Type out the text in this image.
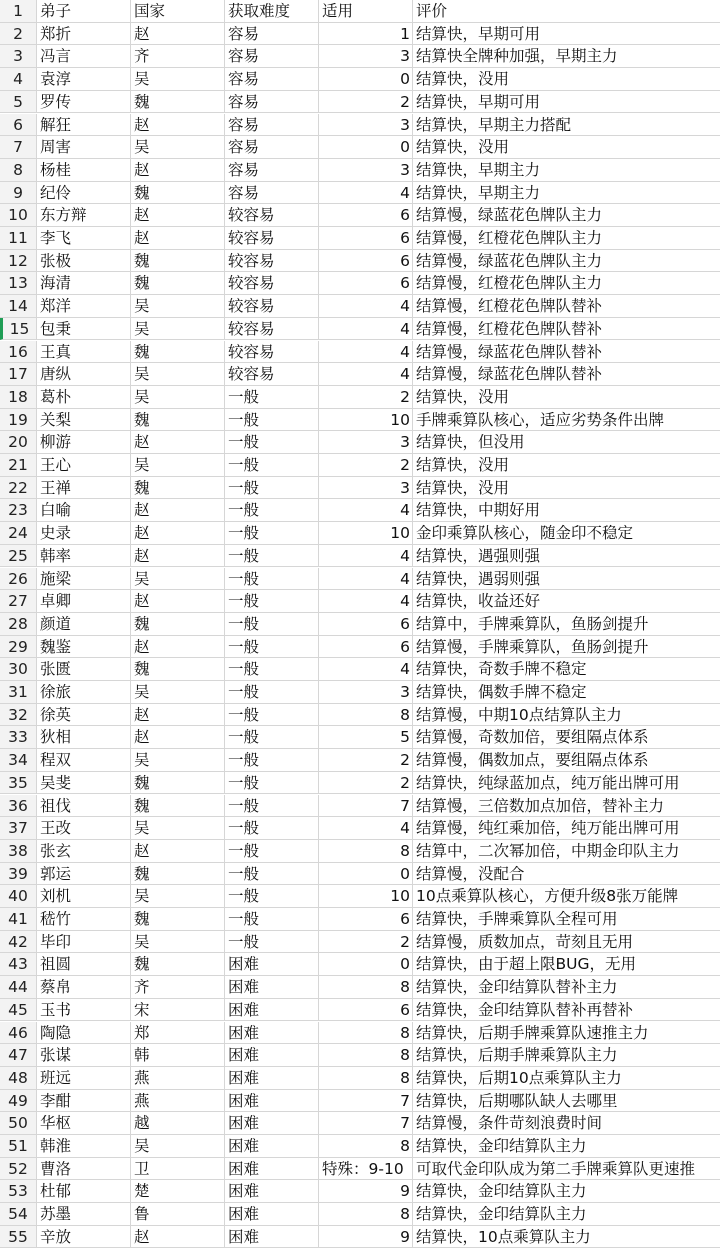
1	弟子	国家	获取难度	适用	评价
2	郑折	赵	容易	1 结算快，早期可用
3	冯言	齐	容易	3 结算快全牌种加强，早期主力
4	袁淳	吴	容易	0 结算快，没用
5	罗传	魏	容易	2 结算快，早期可用
6	解狂	赵	容易	3 结算快，早期主力搭配
7	周害	吴	容易	0 结算快，没用
8	杨桂	赵	容易	3 结算快，早期主力
9	纪伶	魏	容易	4 结算快，早期主力
10 东方辩	赵	较容易	6 结算慢，绿蓝花色牌队主力
11 李飞	赵	较容易	6 结算慢，红橙花色牌队主力
12 张极	魏	较容易	6 结算慢，绿蓝花色牌队主力
13 海清	魏	较容易	6 结算慢，红橙花色牌队主力
14 郑洋	吴	较容易	4 结算慢，红橙花色牌队替补
15 包秉	吴	较容易	4 结算慢，红橙花色牌队替补
16 王真	魏	较容易	4 结算慢，绿蓝花色牌队替补
17 唐纵	吴	较容易	4 结算慢，绿蓝花色牌队替补
18 葛朴	吴	一般	2 结算快，没用
19 关梨	魏	一般	10 手牌乘算队核心，适应劣势条件出牌
20 柳游	赵	一般	3 结算快，但没用
21 王心	吴	一般	2 结算快，没用
22 王禅	魏	一般	3 结算快，没用
23 白喻	赵	一般	4 结算快，中期好用
24 史录	赵	一般	10 金印乘算队核心，随金印不稳定
25 韩率	赵	一般	4 结算快，遇强则强
26 施梁	吴	一般	4 结算快，遇弱则强
27 卓卿	赵	一般	4 结算快，收益还好
28 颜道	魏	一般	6 结算中，手牌乘算队，鱼肠剑提升
29 魏鉴	赵	一般	6 结算慢，手牌乘算队，鱼肠剑提升
30 张匮	魏	一般	4 结算快，奇数手牌不稳定
31 徐旅	吴	一般	3 结算快，偶数手牌不稳定
32 徐英	赵	一般	8 结算慢，中期10点结算队主力
33 狄相	赵	一般	5 结算慢，奇数加倍，要组隔点体系
34 程双	吴	一般	2 结算慢，偶数加点，要组隔点体系
35 吴斐	魏	一般	2 结算快，纯绿蓝加点，纯万能出牌可用
36 祖伐	魏	一般	7 结算慢，三倍数加点加倍，替补主力
37 王改	吴	一般	4 结算慢，纯红乘加倍，纯万能出牌可用
38 张玄	赵	一般	8 结算中，二次幂加倍，中期金印队主力
39 郭运	魏	一般	0 结算慢，没配合
40 刘机	吴	一般	10 10点乘算队核心，方便升级8张万能牌
41 嵇竹	魏	一般	6 结算快，手牌乘算队全程可用
42 毕印	吴	一般	2 结算慢，质数加点，苛刻且无用
43 祖圆	魏	困难	0 结算快，由于超上限BUG，无用
44 蔡帛	齐	困难	8 结算快，金印结算队替补主力
45 玉书	宋	困难	6 结算快，金印结算队替补再替补
46 陶隐	郑	困难	8 结算快，后期手牌乘算队速推主力
47 张谋	韩	困难	8 结算快，后期手牌乘算队主力
48 班远	燕	困难	8 结算快，后期10点乘算队主力
49 李酣	燕	困难	7 结算快，后期哪队缺人去哪里
50 华枢	越	困难	7 结算慢，条件苛刻浪费时间
51 韩淮	吴	困难	8 结算快，金印结算队主力
52 曹洛	卫	困难	特殊：9-10 可取代金印队成为第二手牌乘算队更速推
53 杜郁	楚	困难	9 结算快，金印结算队主力
54 苏墨	鲁	困难	8 结算快，金印结算队主力
55 辛放	赵	困难	9 结算快，10点乘算队主力
